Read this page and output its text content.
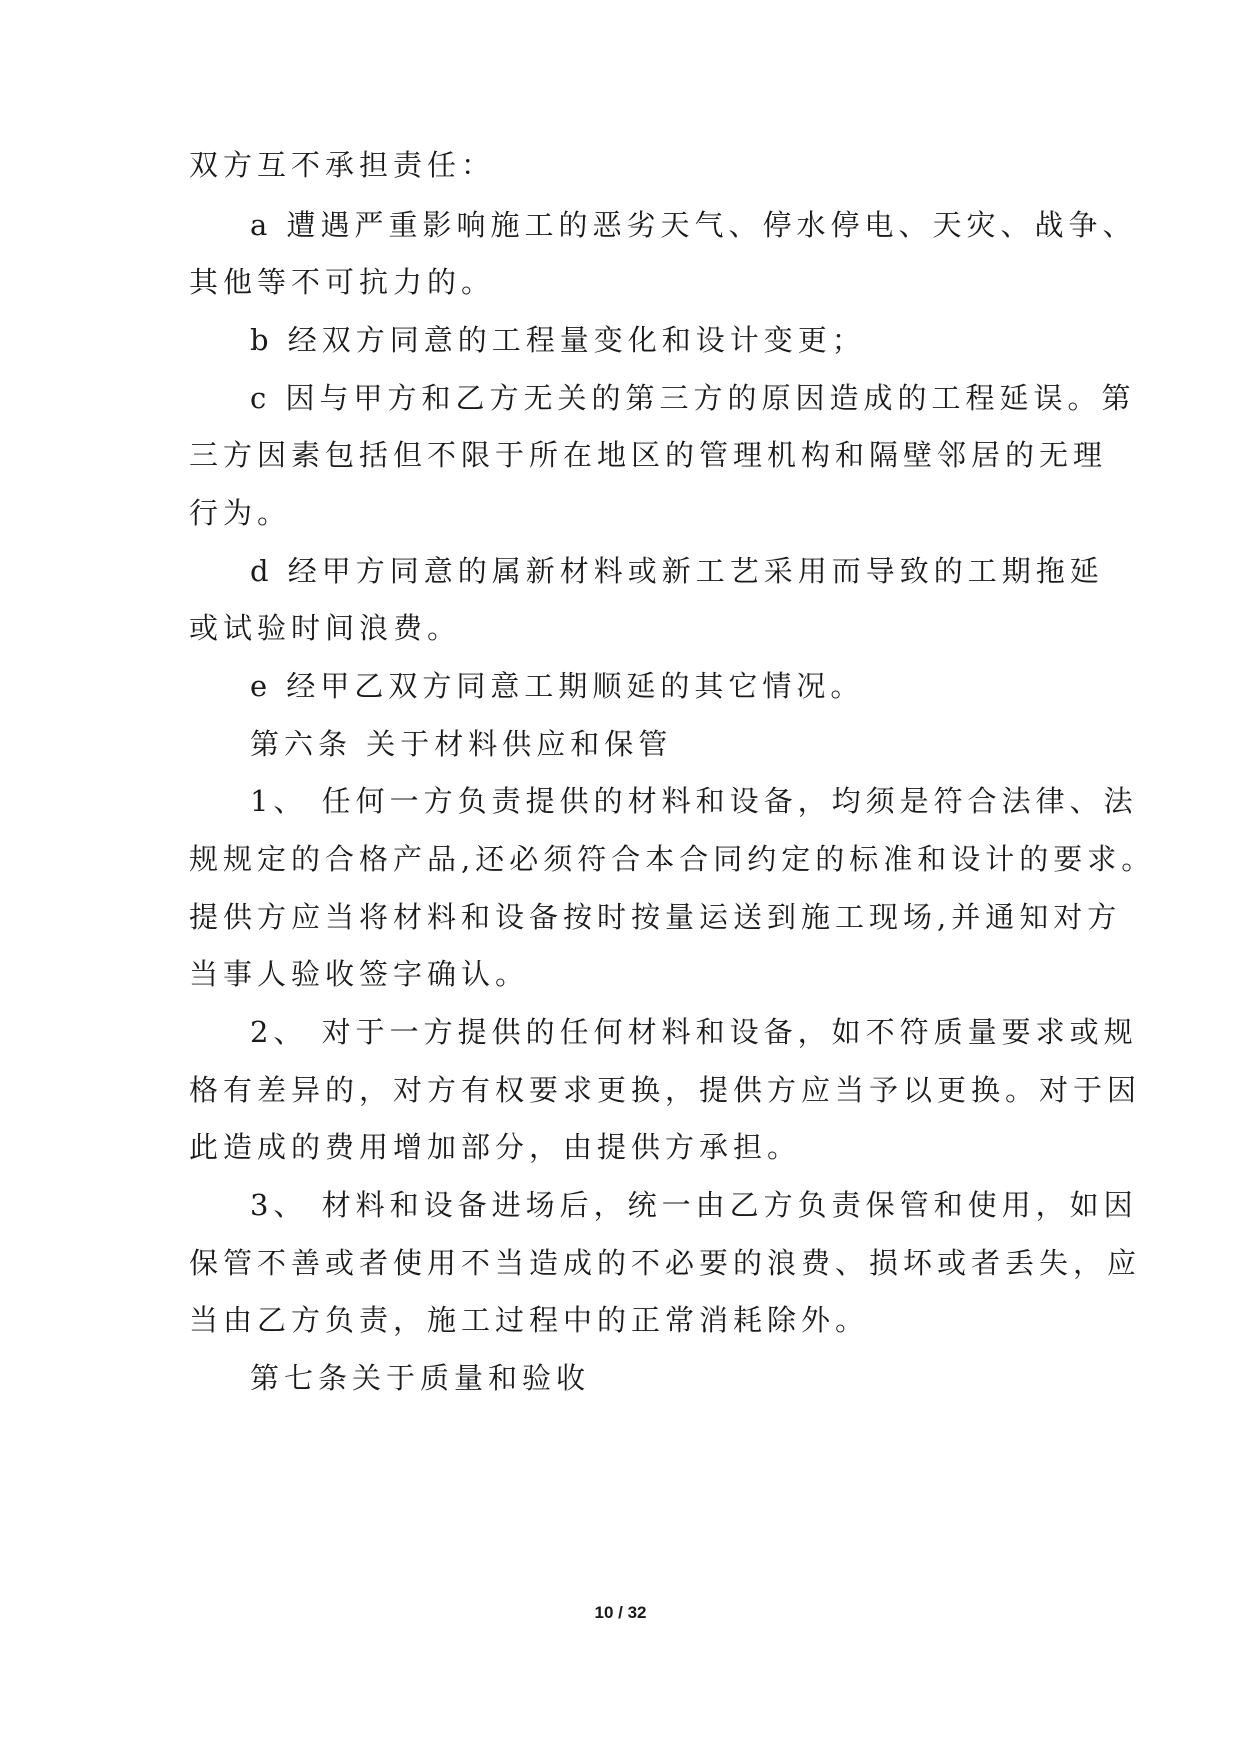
双方互不承担责任：
a 遭遇严重影响施工的恶劣天气、停水停电、天灾、战争、
其他等不可抗力的。
b 经双方同意的工程量变化和设计变更；
c 因与甲方和乙方无关的第三方的原因造成的工程延误。第
三方因素包括但不限于所在地区的管理机构和隔壁邻居的无理
行为。
d 经甲方同意的属新材料或新工艺采用而导致的工期拖延
或试验时间浪费。
e 经甲乙双方同意工期顺延的其它情况。
第六条 关于材料供应和保管
1、 任何一方负责提供的材料和设备，均须是符合法律、法
规规定的合格产品,还必须符合本合同约定的标准和设计的要求。
提供方应当将材料和设备按时按量运送到施工现场,并通知对方
当事人验收签字确认。
2、 对于一方提供的任何材料和设备，如不符质量要求或规
格有差异的，对方有权要求更换，提供方应当予以更换。对于因
此造成的费用增加部分，由提供方承担。
3、 材料和设备进场后，统一由乙方负责保管和使用，如因
保管不善或者使用不当造成的不必要的浪费、损坏或者丢失，应
当由乙方负责，施工过程中的正常消耗除外。
第七条关于质量和验收
10 / 32
